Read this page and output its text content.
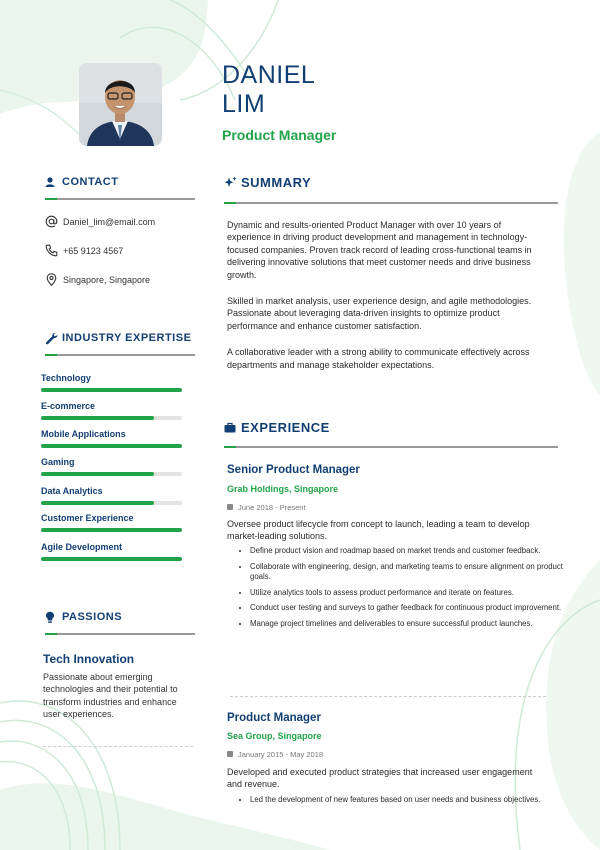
DANIEL
LIM
Product Manager
CONTACT
Daniel_lim@email.com
+65 9123 4567
Singapore, Singapore
INDUSTRY EXPERTISE
Technology
E-commerce
Mobile Applications
Gaming
Data Analytics
Customer Experience
Agile Development
PASSIONS
Tech Innovation
Passionate about emerging technologies and their potential to transform industries and enhance user experiences.
SUMMARY

Dynamic and results-oriented Product Manager with over 10 years of experience in driving product development and management in technology-focused companies. Proven track record of leading cross-functional teams in delivering innovative solutions that meet customer needs and drive business growth.

Skilled in market analysis, user experience design, and agile methodologies. Passionate about leveraging data-driven insights to optimize product performance and enhance customer satisfaction.

A collaborative leader with a strong ability to communicate effectively across departments and manage stakeholder expectations.

EXPERIENCE
Senior Product Manager
Grab Holdings, Singapore
June 2018 - Present
Oversee product lifecycle from concept to launch, leading a team to develop market-leading solutions.
• Define product vision and roadmap based on market trends and customer feedback.
• Collaborate with engineering, design, and marketing teams to ensure alignment on product goals.
• Utilize analytics tools to assess product performance and iterate on features.
• Conduct user testing and surveys to gather feedback for continuous product improvement.
• Manage project timelines and deliverables to ensure successful product launches.
Product Manager
Sea Group, Singapore
January 2015 - May 2018
Developed and executed product strategies that increased user engagement and revenue.
• Led the development of new features based on user needs and business objectives.
